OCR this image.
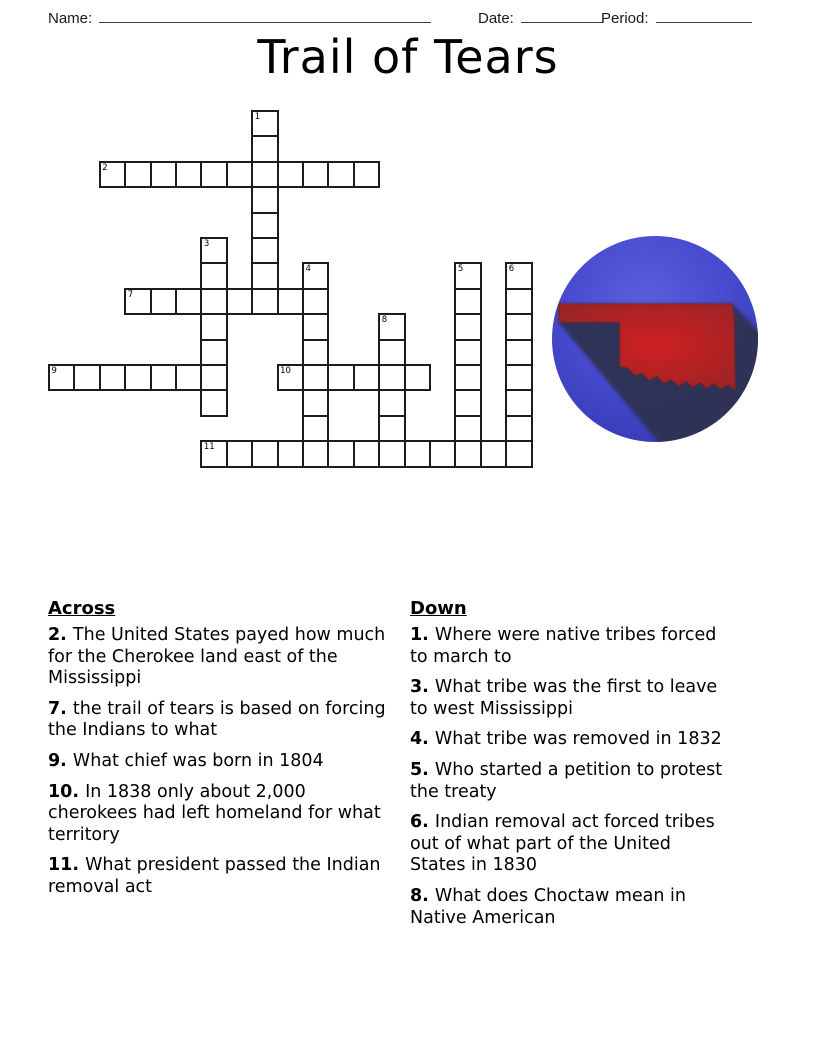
Name:	Date:	Period:
Trail of Tears
1
2
3
4	5	6
7
8
9	10
11

Across

2. The United States payed how much for the Cherokee land east of the Mississippi

7. the trail of tears is based on forcing the Indians to what

9. What chief was born in 1804

10. In 1838 only about 2,000 cherokees had left homeland for what territory

11. What president passed the Indian removal act

Down

1. Where were native tribes forced to march to

3. What tribe was the first to leave to west Mississippi

4. What tribe was removed in 1832

5. Who started a petition to protest the treaty

6. Indian removal act forced tribes out of what part of the United States in 1830

8. What does Choctaw mean in Native American
